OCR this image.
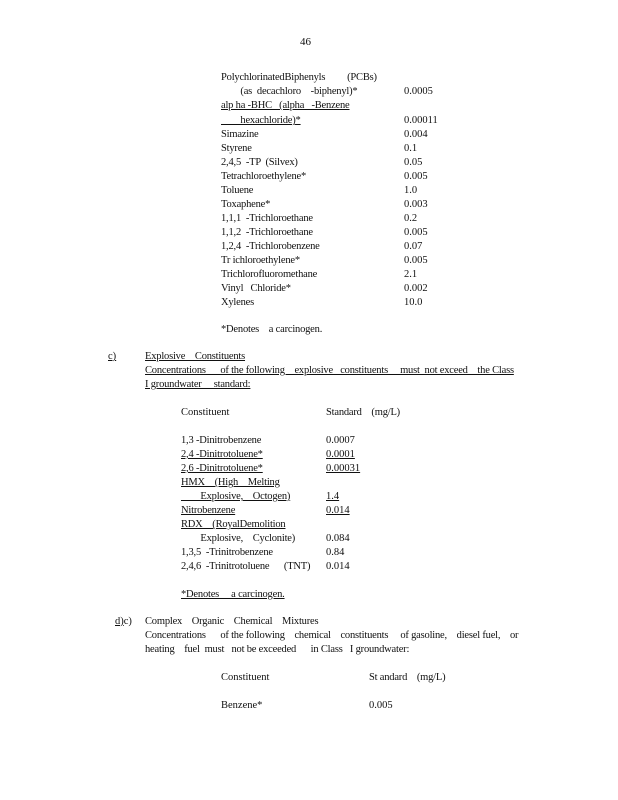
46
PolychlorinatedBiphenyls         (PCBs)
(as  decachloro    -biphenyl)*	0.0005
alp ha -BHC   (alpha   -Benzene
hexachloride)*	0.00011
Simazine	0.004
Styrene	0.1
2,4,5  -TP  (Silvex)	0.05
Tetrachloroethylene*	0.005
Toluene	1.0
Toxaphene*	0.003
1,1,1  -Trichloroethane	0.2
1,1,2  -Trichloroethane	0.005
1,2,4  -Trichlorobenzene	0.07
Tr ichloroethylene*	0.005
Trichlorofluoromethane	2.1
Vinyl   Chloride*	0.002
Xylenes	10.0
*Denotes    a carcinogen.
c)	Explosive    Constituents
Concentrations      of the following    explosive   constituents     must  not exceed    the Class
I groundwater     standard:
Constituent	Standard    (mg/L)
1,3 -Dinitrobenzene	0.0007
2,4 -Dinitrotoluene*	0.0001
2,6 -Dinitrotoluene*	0.00031
HMX    (High    Melting
Explosive,    Octogen)	1.4
Nitrobenzene	0.014
RDX    (RoyalDemolition
Explosive,    Cyclonite)	0.084
1,3,5  -Trinitrobenzene	0.84
2,4,6  -Trinitrotoluene      (TNT) 0.014
*Denotes     a carcinogen.
d)c) Complex    Organic    Chemical    Mixtures
Concentrations      of the following    chemical    constituents     of gasoline,    diesel fuel,    or
heating    fuel  must   not be exceeded      in Class   I groundwater:
Constituent	St andard    (mg/L)
Benzene*	0.005
